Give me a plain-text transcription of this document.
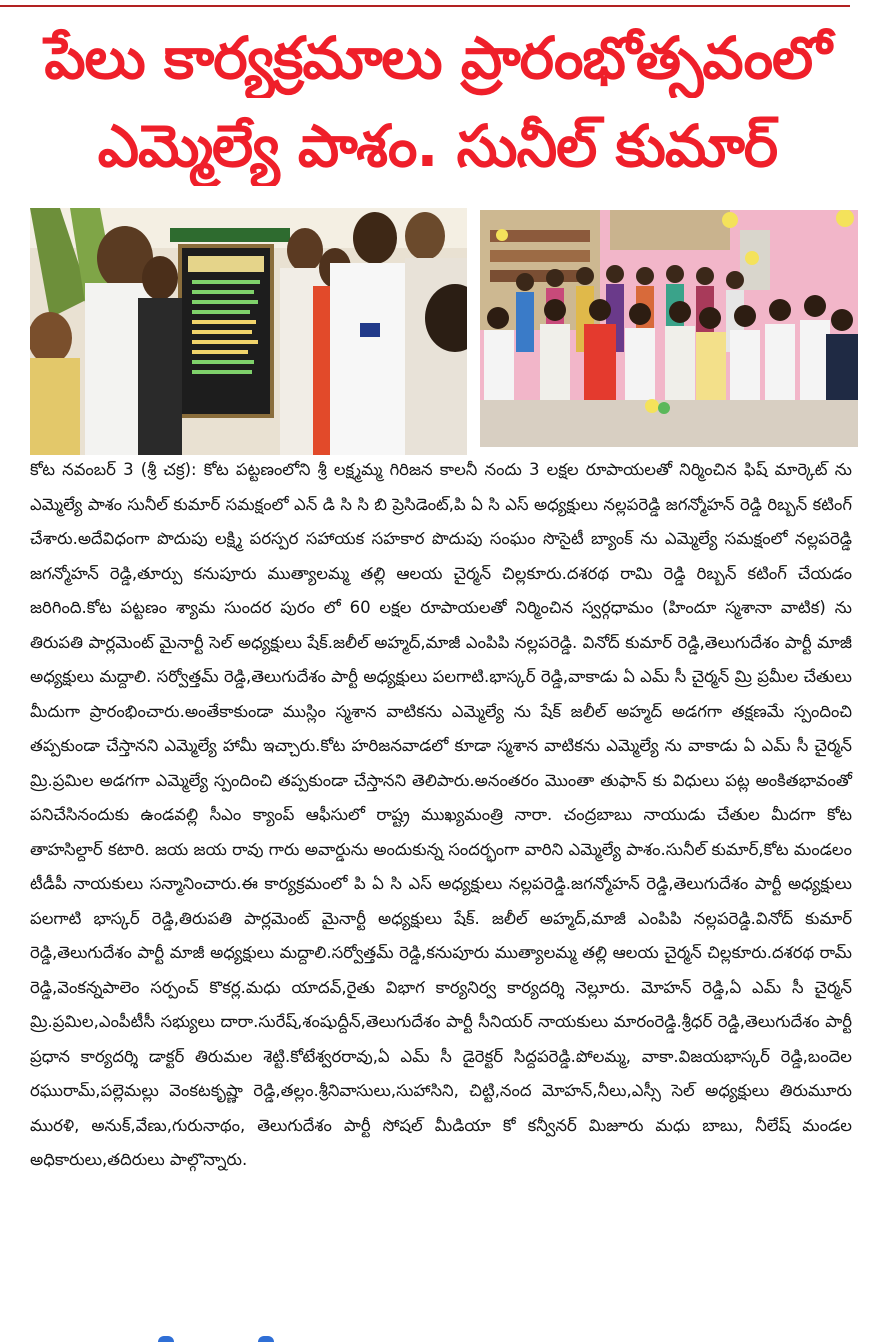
పేలు కార్యక్రమాలు ప్రారంభోత్సవంలో
ఎమ్మెల్యే పాశం. సునీల్ కుమార్
కోట నవంబర్ 3 (శ్రీ చక్ర): కోట పట్టణంలోని శ్రీ లక్ష్మమ్మ గిరిజన కాలనీ నందు 3 లక్షల రూపాయలతో నిర్మించిన ఫిష్ మార్కెట్ ను ఎమ్మెల్యే పాశం సునీల్ కుమార్ సమక్షంలో ఎన్ డి సి సి బి ప్రెసిడెంట్,పి ఏ సి ఎస్ అధ్యక్షులు నల్లపరెడ్డి జగన్మోహన్ రెడ్డి రిబ్బన్ కటింగ్ చేశారు.అదేవిధంగా పొదుపు లక్ష్మి పరస్పర సహాయక సహకార పొదుపు సంఘం సొసైటీ బ్యాంక్ ను ఎమ్మెల్యే సమక్షంలో నల్లపరెడ్డి జగన్మోహన్ రెడ్డి,తూర్పు కనుపూరు ముత్యాలమ్మ తల్లి ఆలయ చైర్మన్ చిల్లకూరు.దశరథ రామి రెడ్డి రిబ్బన్ కటింగ్ చేయడం జరిగింది.కోట పట్టణం శ్యామ సుందర పురం లో 60 లక్షల రూపాయలతో నిర్మించిన స్వర్గధామం (హిందూ స్మశానా వాటిక) ను తిరుపతి పార్లమెంట్ మైనార్టీ సెల్ అధ్యక్షులు షేక్.జలీల్ అహ్మద్,మాజీ ఎంపిపి నల్లపరెడ్డి. వినోద్ కుమార్ రెడ్డి,తెలుగుదేశం పార్టీ మాజీ అధ్యక్షులు మద్దాలి. సర్వోత్తమ్ రెడ్డి,తెలుగుదేశం పార్టీ అధ్యక్షులు పలగాటి.భాస్కర్ రెడ్డి,వాకాడు ఏ ఎమ్ సీ చైర్మన్ మ్రి ప్రమీల చేతులు మీదుగా ప్రారంభించారు.అంతేకాకుండా ముస్లిం స్మశాన వాటికను ఎమ్మెల్యే ను షేక్ జలీల్ అహ్మద్ అడగగా తక్షణమే స్పందించి తప్పకుండా చేస్తానని ఎమ్మెల్యే హామీ ఇచ్చారు.కోట హరిజనవాడలో కూడా స్మశాన వాటికను ఎమ్మెల్యే ను వాకాడు ఏ ఎమ్ సీ చైర్మన్ మ్రి.ప్రమిల అడగగా ఎమ్మెల్యే స్పందించి తప్పకుండా చేస్తానని తెలిపారు.అనంతరం మొంతా తుఫాన్ కు విధులు పట్ల అంకితభావంతో పనిచేసినందుకు ఉండవల్లి సీఎం క్యాంప్ ఆఫీసులో రాష్ట్ర ముఖ్యమంత్రి నారా. చంద్రబాబు నాయుడు చేతుల మీదగా కోట తాహసిల్దార్ కటారి. జయ జయ రావు గారు అవార్డును అందుకున్న సందర్భంగా వారిని ఎమ్మెల్యే పాశం.సునీల్ కుమార్,కోట మండలం టీడీపీ నాయకులు సన్మానించారు.ఈ కార్యక్రమంలో పి ఏ సి ఎస్ అధ్యక్షులు నల్లపరెడ్డి.జగన్మోహన్ రెడ్డి,తెలుగుదేశం పార్టీ అధ్యక్షులు పలగాటి భాస్కర్ రెడ్డి,తిరుపతి పార్లమెంట్ మైనార్టీ అధ్యక్షులు షేక్. జలీల్ అహ్మద్,మాజీ ఎంపిపి నల్లపరెడ్డి.వినోద్ కుమార్ రెడ్డి,తెలుగుదేశం పార్టీ మాజీ అధ్యక్షులు మద్దాలి.సర్వోత్తమ్ రెడ్డి,కనుపూరు ముత్యాలమ్మ తల్లి ఆలయ చైర్మన్ చిల్లకూరు.దశరథ రామ్ రెడ్డి,వెంకన్నపాలెం సర్పంచ్ కొకర్ల.మధు యాదవ్,రైతు విభాగ కార్యనిర్వ కార్యదర్శి నెల్లూరు. మోహన్ రెడ్డి,ఏ ఎమ్ సీ చైర్మన్ మ్రి.ప్రమిల,ఎంపీటీసీ సభ్యులు దారా.సురేష్,శంషుద్దీన్,తెలుగుదేశం పార్టీ సీనియర్ నాయకులు మారంరెడ్డి.శ్రీధర్ రెడ్డి,తెలుగుదేశం పార్టీ ప్రధాన కార్యదర్శి డాక్టర్ తిరుమల శెట్టి.కోటేశ్వరరావు,ఏ ఎమ్ సీ డైరెక్టర్ సిద్దపరెడ్డి.పోలమ్మ, వాకా.విజయభాస్కర్ రెడ్డి,బందెల రఘురామ్,పల్లెమల్లు వెంకటకృష్ణా రెడ్డి,తల్లం.శ్రీనివాసులు,సుహాసిని, చిట్టి,నంద మోహన్,నీలు,ఎస్సీ సెల్ అధ్యక్షులు తిరుమూరు మురళి, అనుక్,వేణు,గురునాథం, తెలుగుదేశం పార్టీ సోషల్ మీడియా కో కన్వీనర్ మిజూరు మధు బాబు, నీలేష్ మండల అధికారులు,తదిరులు పాల్గొన్నారు.
